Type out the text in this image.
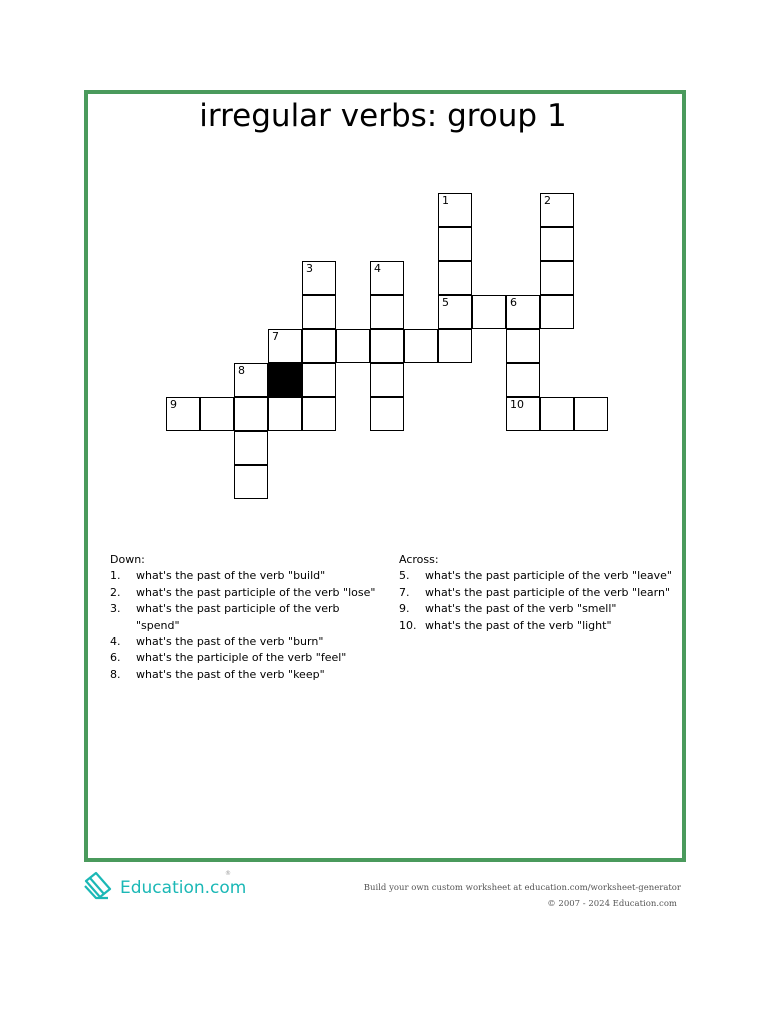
irregular verbs: group 1
1	2
3	4
5	6
7
8
9	10
Down:
1.	what's the past of the verb "build"
2.	what's the past participle of the verb "lose"
3.	what's the past participle of the verb "spend"
4.	what's the past of the verb "burn"
6.	what's the participle of the verb "feel"
8.	what's the past of the verb "keep"
Across:
5.	what's the past participle of the verb "leave"
7.	what's the past participle of the verb "learn"
9.	what's the past of the verb "smell"
10. what's the past of the verb "light"
Education.com
®
Build your own custom worksheet at education.com/worksheet-generator
© 2007 - 2024 Education.com
